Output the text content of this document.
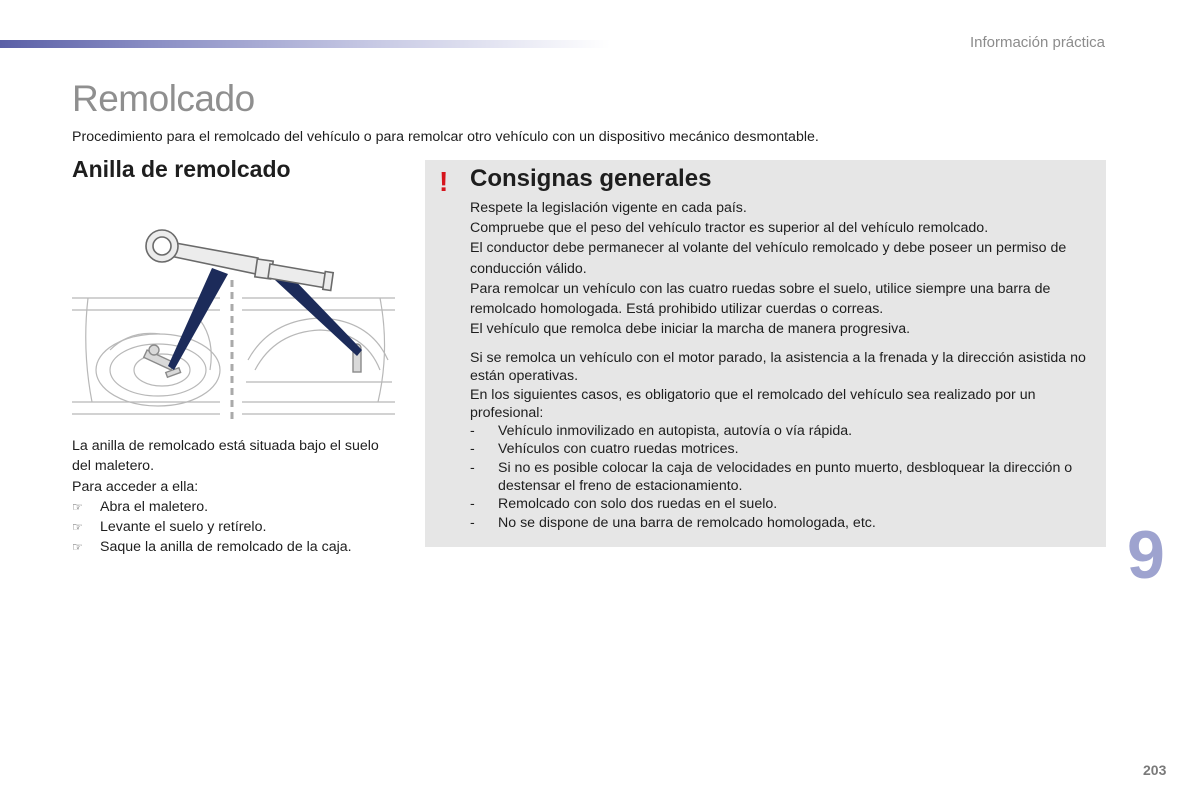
Información práctica
Remolcado

Procedimiento para el remolcado del vehículo o para remolcar otro vehículo con un dispositivo mecánico desmontable.

Anilla de remolcado

La anilla de remolcado está situada bajo el suelo del maletero.

Para acceder a ella:

☞ Abra el maletero.
☞ Levante el suelo y retírelo.
☞ Saque la anilla de remolcado de la caja.
! Consignas generales

Respete la legislación vigente en cada país.

Compruebe que el peso del vehículo tractor es superior al del vehículo remolcado.

El conductor debe permanecer al volante del vehículo remolcado y debe poseer un permiso de conducción válido.

Para remolcar un vehículo con las cuatro ruedas sobre el suelo, utilice siempre una barra de remolcado homologada. Está prohibido utilizar cuerdas o correas.

El vehículo que remolca debe iniciar la marcha de manera progresiva.

Si se remolca un vehículo con el motor parado, la asistencia a la frenada y la dirección asistida no están operativas.

En los siguientes casos, es obligatorio que el remolcado del vehículo sea realizado por un profesional:

- Vehículo inmovilizado en autopista, autovía o vía rápida.
- Vehículos con cuatro ruedas motrices.
- Si no es posible colocar la caja de velocidades en punto muerto, desbloquear la dirección o destensar el freno de estacionamiento.
- Remolcado con solo dos ruedas en el suelo.
- No se dispone de una barra de remolcado homologada, etc.	9
203
